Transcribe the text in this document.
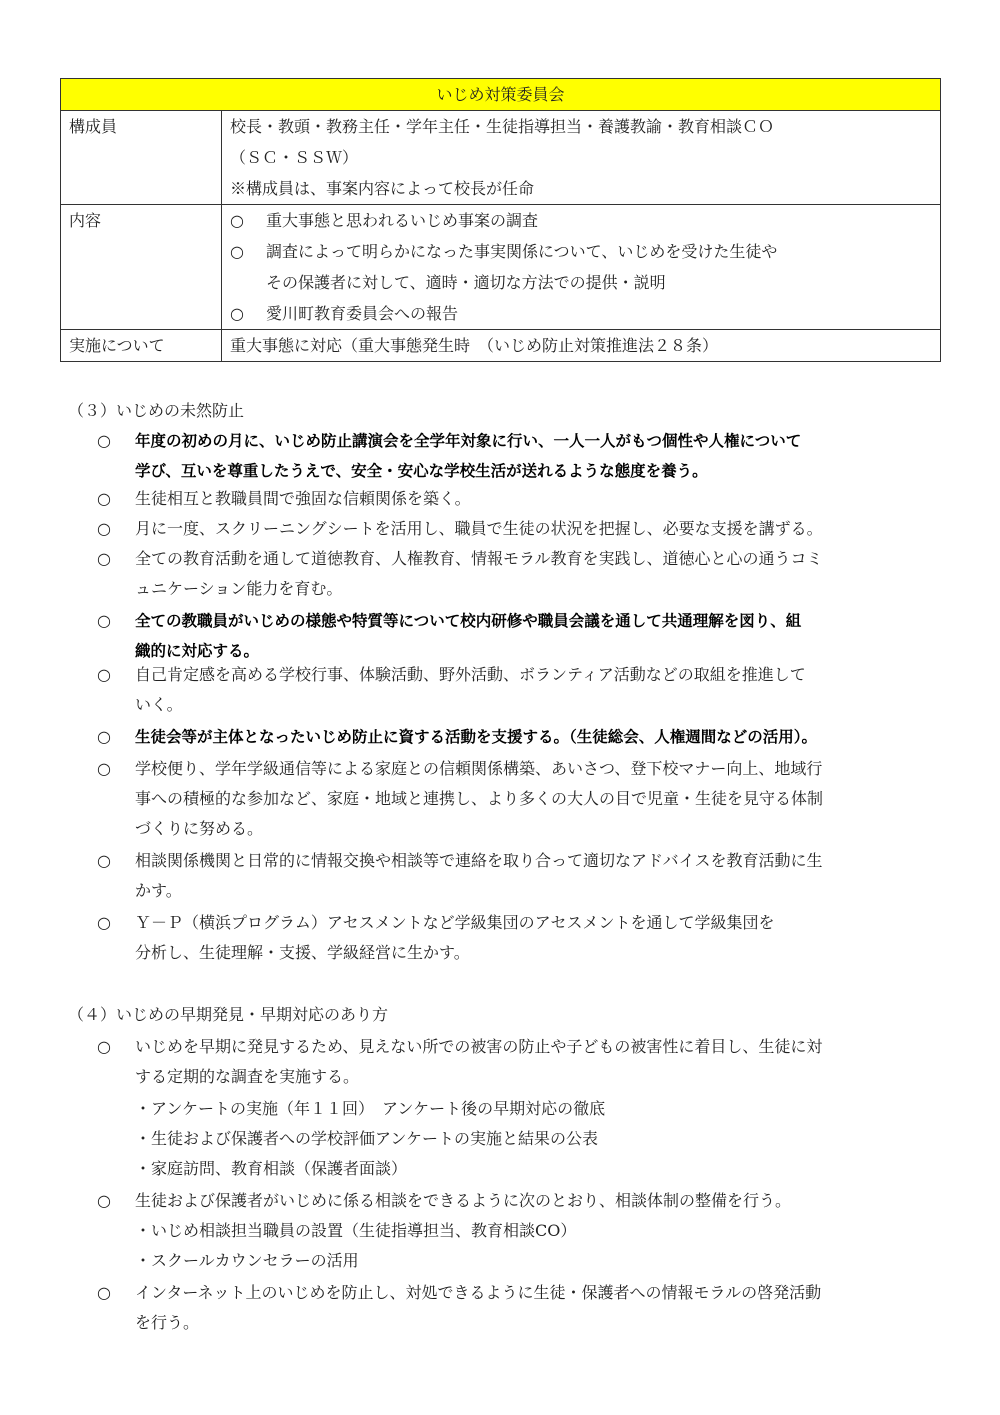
いじめ対策委員会	
構成員	校長・教頭・教務主任・学年主任・生徒指導担当・養護教諭・教育相談ＣＯ
（ＳＣ・ＳＳＷ）
※構成員は、事案内容によって校長が任命

内容	○ 重大事態と思われるいじめ事案の調査
○ 調査によって明らかになった事実関係について、いじめを受けた生徒や
その保護者に対して、適時・適切な方法での提供・説明
○ 愛川町教育委員会への報告

実施について	重大事態に対応（重大事態発生時　（いじめ防止対策推進法２８条）
（３）いじめの未然防止
○	年度の初めの月に、いじめ防止講演会を全学年対象に行い、一人一人がもつ個性や人権について
学び、互いを尊重したうえで、安全・安心な学校生活が送れるような態度を養う。
○	生徒相互と教職員間で強固な信頼関係を築く。
○	月に一度、スクリーニングシートを活用し、職員で生徒の状況を把握し、必要な支援を講ずる。
○	全ての教育活動を通して道徳教育、人権教育、情報モラル教育を実践し、道徳心と心の通うコミ
ュニケーション能力を育む。
○	全ての教職員がいじめの様態や特質等について校内研修や職員会議を通して共通理解を図り、組
織的に対応する。
○	自己肯定感を高める学校行事、体験活動、野外活動、ボランティア活動などの取組を推進して
いく。
○	生徒会等が主体となったいじめ防止に資する活動を支援する。（生徒総会、人権週間などの活用）。
○	学校便り、学年学級通信等による家庭との信頼関係構築、あいさつ、登下校マナー向上、地域行
事への積極的な参加など、家庭・地域と連携し、より多くの大人の目で児童・生徒を見守る体制
づくりに努める。
○	相談関係機関と日常的に情報交換や相談等で連絡を取り合って適切なアドバイスを教育活動に生
かす。
○	Ｙ－Ｐ（横浜プログラム）アセスメントなど学級集団のアセスメントを通して学級集団を
分析し、生徒理解・支援、学級経営に生かす。
（４）いじめの早期発見・早期対応のあり方
○	いじめを早期に発見するため、見えない所での被害の防止や子どもの被害性に着目し、生徒に対
する定期的な調査を実施する。
・アンケートの実施（年１１回）　アンケート後の早期対応の徹底
・生徒および保護者への学校評価アンケートの実施と結果の公表
・家庭訪問、教育相談（保護者面談）
○	生徒および保護者がいじめに係る相談をできるように次のとおり、相談体制の整備を行う。
・いじめ相談担当職員の設置（生徒指導担当、教育相談CO）
・スクールカウンセラーの活用
○	インターネット上のいじめを防止し、対処できるように生徒・保護者への情報モラルの啓発活動
を行う。
